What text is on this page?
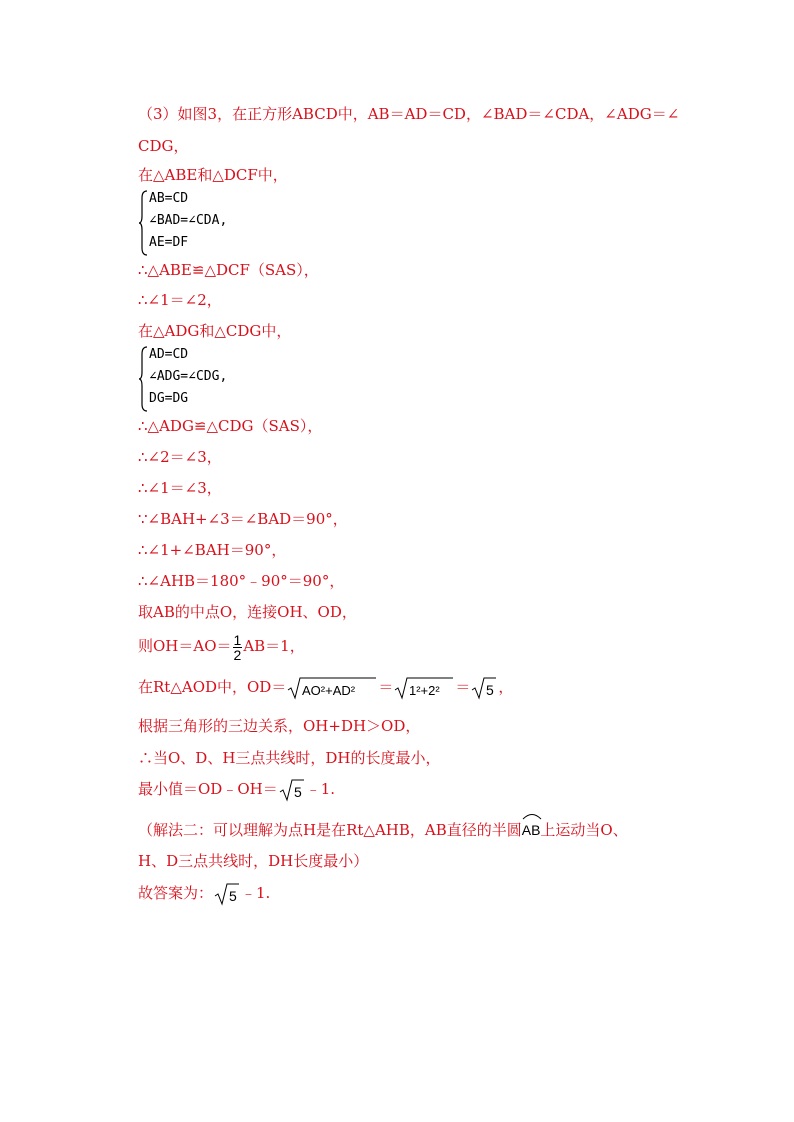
（3）如图3，在正方形ABCD中，AB＝AD＝CD，∠BAD＝∠CDA，∠ADG＝∠
CDG，
在△ABE和△DCF中，
AB=CD
∠BAD=∠CDA,
AE=DF
∴△ABE≌△DCF（SAS），
∴∠1＝∠2，
在△ADG和△CDG中，
AD=CD
∠ADG=∠CDG,
DG=DG
∴△ADG≌△CDG（SAS），
∴∠2＝∠3，
∴∠1＝∠3，
∵∠BAH+∠3＝∠BAD＝90°，
∴∠1+∠BAH＝90°，
∴∠AHB＝180°﹣90°＝90°，
取AB的中点O，连接OH、OD，
则$OH=AO= \frac{1}{2} AB=1$，
在Rt△AOD中，OD＝ AO²+AD² ＝ 1²+2² ＝ 5 ，
根据三角形的三边关系，OH+DH＞OD，
∴当O、D、H三点共线时，DH的长度最小，
最小值＝OD﹣OH＝ 5 ﹣1.
（解法二：可以理解为点H是在Rt△AHB，AB直径的半圆
AB上运动当O、
H、D三点共线时，DH长度最小）
故答案为： 5 ﹣1.
